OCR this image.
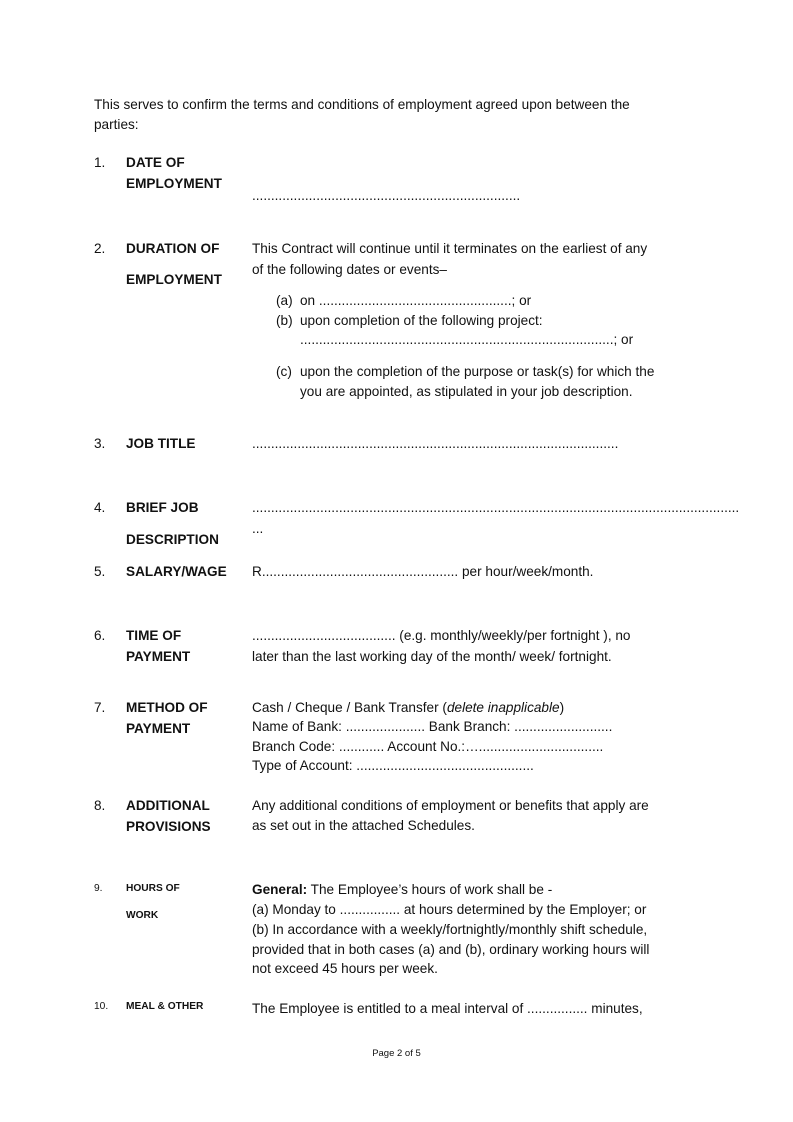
This serves to confirm the terms and conditions of employment agreed upon between the
parties:
1. DATE OF
EMPLOYMENT
.......................................................................
2. DURATION OF
EMPLOYMENT
This Contract will continue until it terminates on the earliest of any
of the following dates or events–
(a) on ...................................................; or
(b) upon completion of the following project:
...................................................................................; or
(c) upon the completion of the purpose or task(s) for which the
you are appointed, as stipulated in your job description.
3. JOB TITLE	.................................................................................................
4. BRIEF JOB
DESCRIPTION
.................................................................................................................................
...
5. SALARY/WAGE R.................................................... per hour/week/month.
6. TIME OF
PAYMENT
...................................... (e.g. monthly/weekly/per fortnight ), no
later than the last working day of the month/ week/ fortnight.
7. METHOD OF
PAYMENT
Cash / Cheque / Bank Transfer (delete inapplicable)
Name of Bank: ..................... Bank Branch: ..........................
Branch Code: ............ Account No.:….................................
Type of Account: ...............................................
8. ADDITIONAL
PROVISIONS
Any additional conditions of employment or benefits that apply are
as set out in the attached Schedules.
9. HOURS OF
WORK
General: The Employee’s hours of work shall be -
(a) Monday to ................ at hours determined by the Employer; or
(b) In accordance with a weekly/fortnightly/monthly shift schedule,
provided that in both cases (a) and (b), ordinary working hours will
not exceed 45 hours per week.
10. MEAL & OTHER	The Employee is entitled to a meal interval of ................ minutes,
Page 2 of 5
